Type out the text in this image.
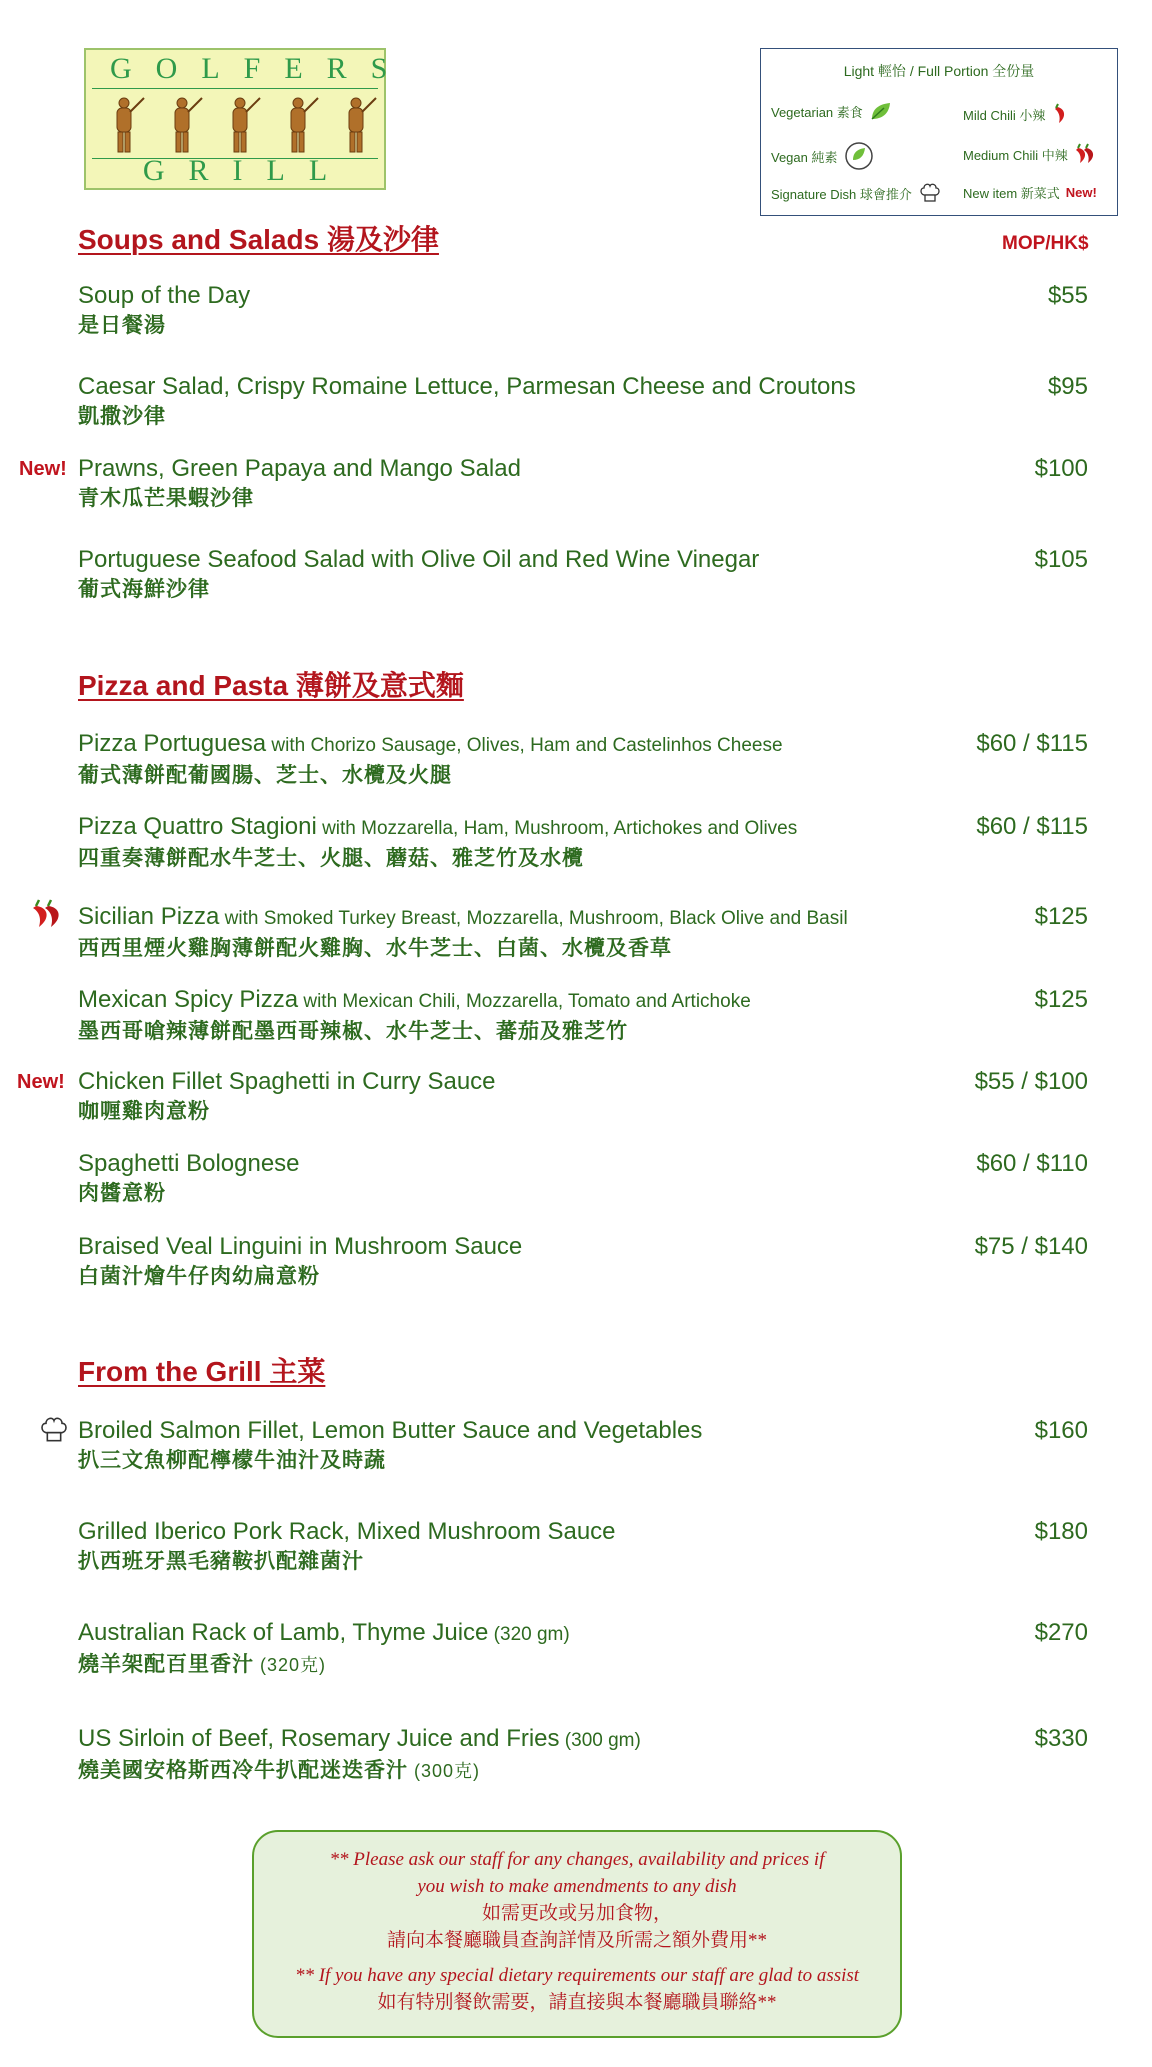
GOLFERS
GRILL
Light 輕怡 / Full Portion 全份量
Vegetarian 素食	Mild Chili 小辣
Vegan 純素	Medium Chili 中辣
Signature Dish 球會推介	New item 新菜式 New!
Soups and Salads 湯及沙律	MOP/HK$
Soup of the Day
是日餐湯
$55
Caesar Salad, Crispy Romaine Lettuce, Parmesan Cheese and Croutons
凱撒沙律
$95
New! Prawns, Green Papaya and Mango Salad
青木瓜芒果蝦沙律
$100
Portuguese Seafood Salad with Olive Oil and Red Wine Vinegar
葡式海鮮沙律
$105
Pizza and Pasta 薄餅及意式麵
Pizza Portuguesa with Chorizo Sausage, Olives, Ham and Castelinhos Cheese
葡式薄餅配葡國腸、芝士、水欖及火腿
$60 / $115
Pizza Quattro Stagioni with Mozzarella, Ham, Mushroom, Artichokes and Olives
四重奏薄餅配水牛芝士、火腿、蘑菇、雅芝竹及水欖
$60 / $115
Sicilian Pizza with Smoked Turkey Breast, Mozzarella, Mushroom, Black Olive and Basil
西西里煙火雞胸薄餅配火雞胸、水牛芝士、白菌、水欖及香草
$125
Mexican Spicy Pizza with Mexican Chili, Mozzarella, Tomato and Artichoke
墨西哥嗆辣薄餅配墨西哥辣椒、水牛芝士、蕃茄及雅芝竹
$125
New! Chicken Fillet Spaghetti in Curry Sauce
咖喱雞肉意粉
$55 / $100
Spaghetti Bolognese
肉醬意粉
$60 / $110
Braised Veal Linguini in Mushroom Sauce
白菌汁燴牛仔肉幼扁意粉
$75 / $140
From the Grill 主菜
Broiled Salmon Fillet, Lemon Butter Sauce and Vegetables
扒三文魚柳配檸檬牛油汁及時蔬
$160
Grilled Iberico Pork Rack, Mixed Mushroom Sauce
扒西班牙黑毛豬鞍扒配雜菌汁
$180
Australian Rack of Lamb, Thyme Juice (320 gm)
燒羊架配百里香汁 (320克)
$270
US Sirloin of Beef, Rosemary Juice and Fries (300 gm)
燒美國安格斯西冷牛扒配迷迭香汁 (300克)
$330
** Please ask our staff for any changes, availability and prices if
you wish to make amendments to any dish
如需更改或另加食物，
請向本餐廳職員查詢詳情及所需之額外費用**
** If you have any special dietary requirements our staff are glad to assist
如有特別餐飲需要，請直接與本餐廳職員聯絡**
